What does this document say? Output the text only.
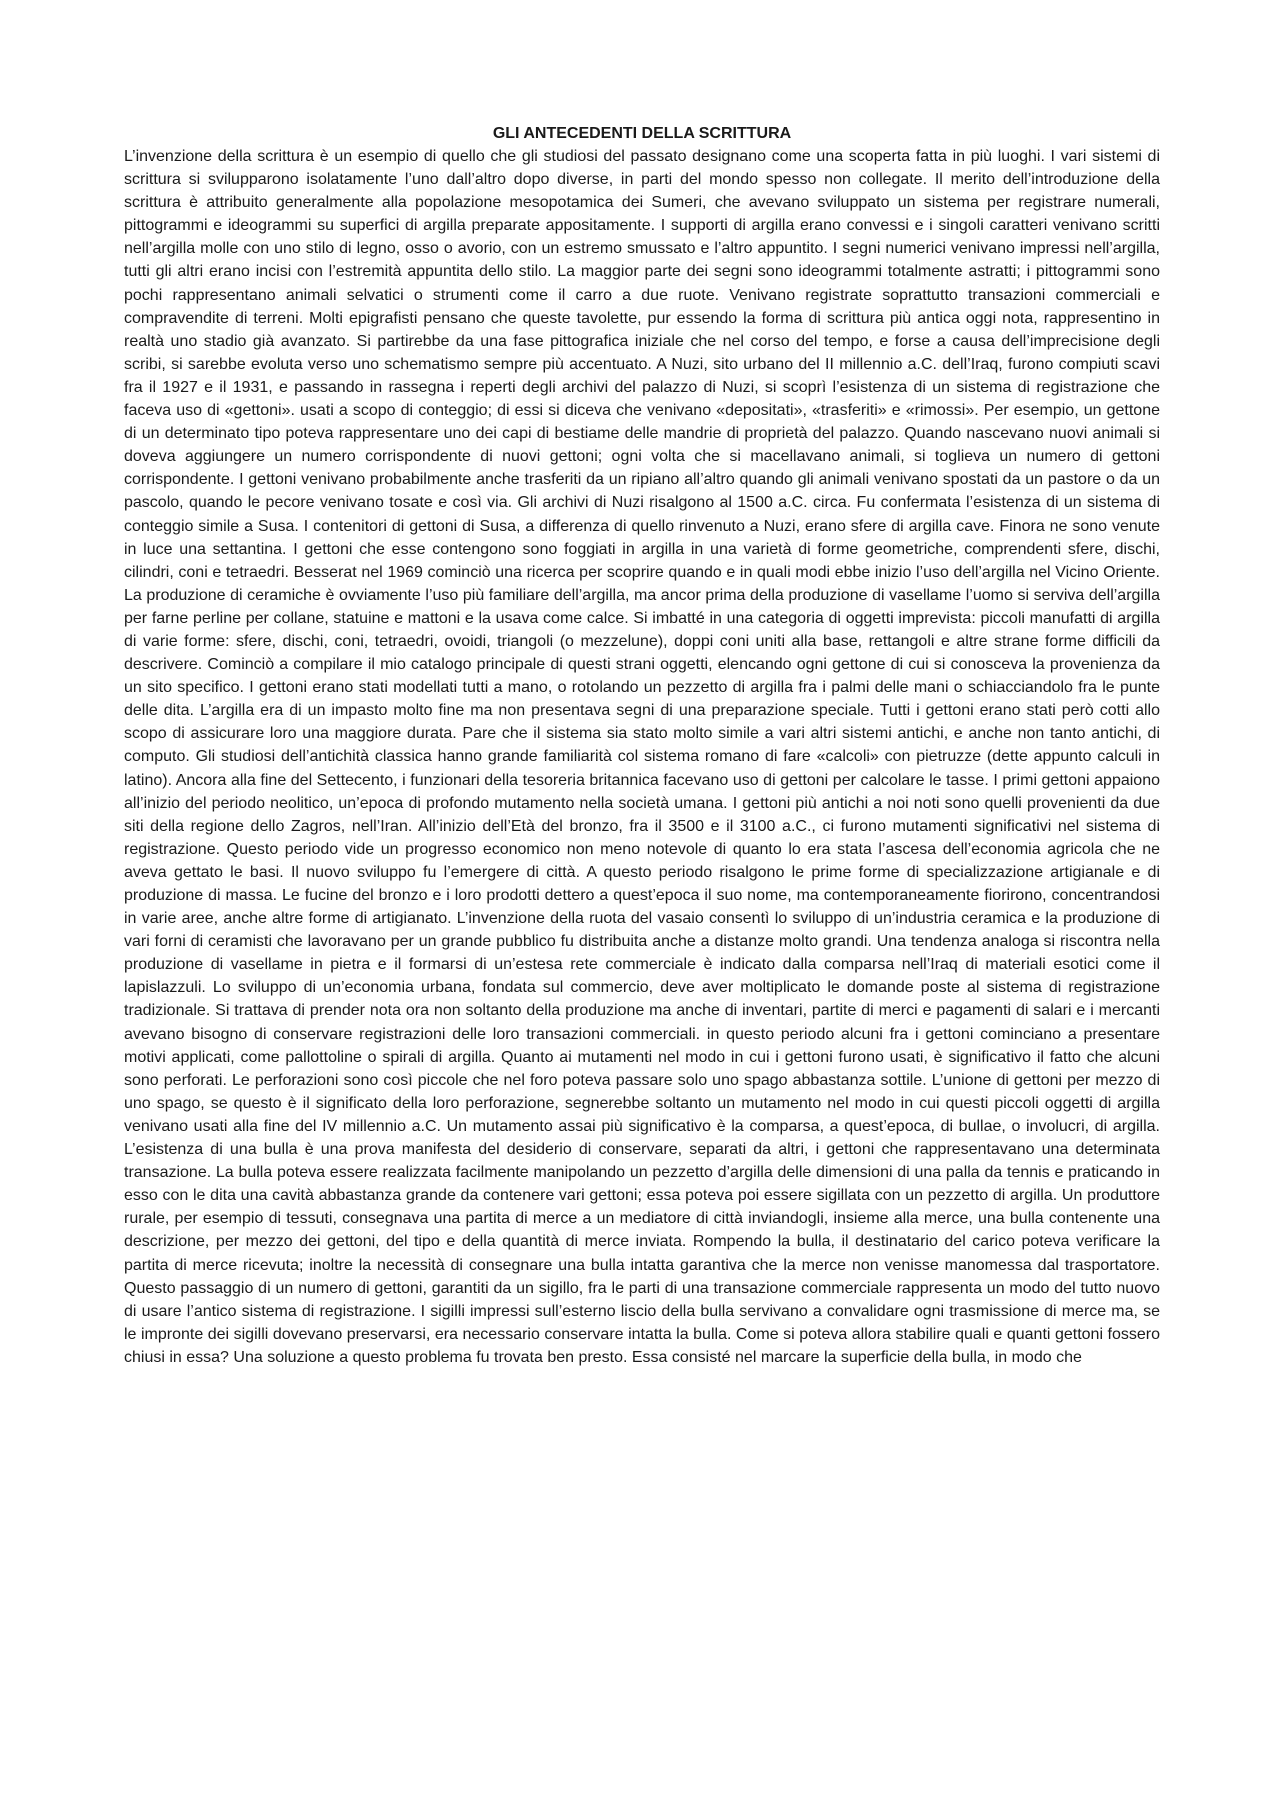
GLI ANTECEDENTI DELLA SCRITTURA

L’invenzione della scrittura è un esempio di quello che gli studiosi del passato designano come una scoperta fatta in più luoghi. I vari sistemi di scrittura si svilupparono isolatamente l’uno dall’altro dopo diverse, in parti del mondo spesso non collegate. Il merito dell’introduzione della scrittura è attribuito generalmente alla popolazione mesopotamica dei Sumeri, che avevano sviluppato un sistema per registrare numerali, pittogrammi e ideogrammi su superfici di argilla preparate appositamente. I supporti di argilla erano convessi e i singoli caratteri venivano scritti nell’argilla molle con uno stilo di legno, osso o avorio, con un estremo smussato e l’altro appuntito. I segni numerici venivano impressi nell’argilla, tutti gli altri erano incisi con l’estremità appuntita dello stilo. La maggior parte dei segni sono ideogrammi totalmente astratti; i pittogrammi sono pochi rappresentano animali selvatici o strumenti come il carro a due ruote. Venivano registrate soprattutto transazioni commerciali e compravendite di terreni. Molti epigrafisti pensano che queste tavolette, pur essendo la forma di scrittura più antica oggi nota, rappresentino in realtà uno stadio già avanzato. Si partirebbe da una fase pittografica iniziale che nel corso del tempo, e forse a causa dell’imprecisione degli scribi, si sarebbe evoluta verso uno schematismo sempre più accentuato. A Nuzi, sito urbano del II millennio a.C. dell’Iraq, furono compiuti scavi fra il 1927 e il 1931, e passando in rassegna i reperti degli archivi del palazzo di Nuzi, si scoprì l’esistenza di un sistema di registrazione che faceva uso di «gettoni». usati a scopo di conteggio; di essi si diceva che venivano «depositati», «trasferiti» e «rimossi». Per esempio, un gettone di un determinato tipo poteva rappresentare uno dei capi di bestiame delle mandrie di proprietà del palazzo. Quando nascevano nuovi animali si doveva aggiungere un numero corrispondente di nuovi gettoni; ogni volta che si macellavano animali, si toglieva un numero di gettoni corrispondente. I gettoni venivano probabilmente anche trasferiti da un ripiano all’altro quando gli animali venivano spostati da un pastore o da un pascolo, quando le pecore venivano tosate e così via. Gli archivi di Nuzi risalgono al 1500 a.C. circa. Fu confermata l’esistenza di un sistema di conteggio simile a Susa. I contenitori di gettoni di Susa, a differenza di quello rinvenuto a Nuzi, erano sfere di argilla cave. Finora ne sono venute in luce una settantina. I gettoni che esse contengono sono foggiati in argilla in una varietà di forme geometriche, comprendenti sfere, dischi, cilindri, coni e tetraedri. Besserat nel 1969 cominciò una ricerca per scoprire quando e in quali modi ebbe inizio l’uso dell’argilla nel Vicino Oriente. La produzione di ceramiche è ovviamente l’uso più familiare dell’argilla, ma ancor prima della produzione di vasellame l’uomo si serviva dell’argilla per farne perline per collane, statuine e mattoni e la usava come calce. Si imbatté in una categoria di oggetti imprevista: piccoli manufatti di argilla di varie forme: sfere, dischi, coni, tetraedri, ovoidi, triangoli (o mezzelune), doppi coni uniti alla base, rettangoli e altre strane forme difficili da descrivere. Cominciò a compilare il mio catalogo principale di questi strani oggetti, elencando ogni gettone di cui si conosceva la provenienza da un sito specifico. I gettoni erano stati modellati tutti a mano, o rotolando un pezzetto di argilla fra i palmi delle mani o schiacciandolo fra le punte delle dita. L’argilla era di un impasto molto fine ma non presentava segni di una preparazione speciale. Tutti i gettoni erano stati però cotti allo scopo di assicurare loro una maggiore durata. Pare che il sistema sia stato molto simile a vari altri sistemi antichi, e anche non tanto antichi, di computo. Gli studiosi dell’antichità classica hanno grande familiarità col sistema romano di fare «calcoli» con pietruzze (dette appunto calculi in latino). Ancora alla fine del Settecento, i funzionari della tesoreria britannica facevano uso di gettoni per calcolare le tasse. I primi gettoni appaiono all’inizio del periodo neolitico, un’epoca di profondo mutamento nella società umana. I gettoni più antichi a noi noti sono quelli provenienti da due siti della regione dello Zagros, nell’Iran. All’inizio dell’Età del bronzo, fra il 3500 e il 3100 a.C., ci furono mutamenti significativi nel sistema di registrazione. Questo periodo vide un progresso economico non meno notevole di quanto lo era stata l’ascesa dell’economia agricola che ne aveva gettato le basi. Il nuovo sviluppo fu l’emergere di città. A questo periodo risalgono le prime forme di specializzazione artigianale e di produzione di massa. Le fucine del bronzo e i loro prodotti dettero a quest’epoca il suo nome, ma contemporaneamente fiorirono, concentrandosi in varie aree, anche altre forme di artigianato. L’invenzione della ruota del vasaio consentì lo sviluppo di un’industria ceramica e la produzione di vari forni di ceramisti che lavoravano per un grande pubblico fu distribuita anche a distanze molto grandi. Una tendenza analoga si riscontra nella produzione di vasellame in pietra e il formarsi di un’estesa rete commerciale è indicato dalla comparsa nell’Iraq di materiali esotici come il lapislazzuli. Lo sviluppo di un’economia urbana, fondata sul commercio, deve aver moltiplicato le domande poste al sistema di registrazione tradizionale. Si trattava di prender nota ora non soltanto della produzione ma anche di inventari, partite di merci e pagamenti di salari e i mercanti avevano bisogno di conservare registrazioni delle loro transazioni commerciali. in questo periodo alcuni fra i gettoni cominciano a presentare motivi applicati, come pallottoline o spirali di argilla. Quanto ai mutamenti nel modo in cui i gettoni furono usati, è significativo il fatto che alcuni sono perforati. Le perforazioni sono così piccole che nel foro poteva passare solo uno spago abbastanza sottile. L’unione di gettoni per mezzo di uno spago, se questo è il significato della loro perforazione, segnerebbe soltanto un mutamento nel modo in cui questi piccoli oggetti di argilla venivano usati alla fine del IV millennio a.C. Un mutamento assai più significativo è la comparsa, a quest’epoca, di bullae, o involucri, di argilla. L’esistenza di una bulla è una prova manifesta del desiderio di conservare, separati da altri, i gettoni che rappresentavano una determinata transazione. La bulla poteva essere realizzata facilmente manipolando un pezzetto d’argilla delle dimensioni di una palla da tennis e praticando in esso con le dita una cavità abbastanza grande da contenere vari gettoni; essa poteva poi essere sigillata con un pezzetto di argilla. Un produttore rurale, per esempio di tessuti, consegnava una partita di merce a un mediatore di città inviandogli, insieme alla merce, una bulla contenente una descrizione, per mezzo dei gettoni, del tipo e della quantità di merce inviata. Rompendo la bulla, il destinatario del carico poteva verificare la partita di merce ricevuta; inoltre la necessità di consegnare una bulla intatta garantiva che la merce non venisse manomessa dal trasportatore. Questo passaggio di un numero di gettoni, garantiti da un sigillo, fra le parti di una transazione commerciale rappresenta un modo del tutto nuovo di usare l’antico sistema di registrazione. I sigilli impressi sull’esterno liscio della bulla servivano a convalidare ogni trasmissione di merce ma, se le impronte dei sigilli dovevano preservarsi, era necessario conservare intatta la bulla. Come si poteva allora stabilire quali e quanti gettoni fossero chiusi in essa? Una soluzione a questo problema fu trovata ben presto. Essa consisté nel marcare la superficie della bulla, in modo che
